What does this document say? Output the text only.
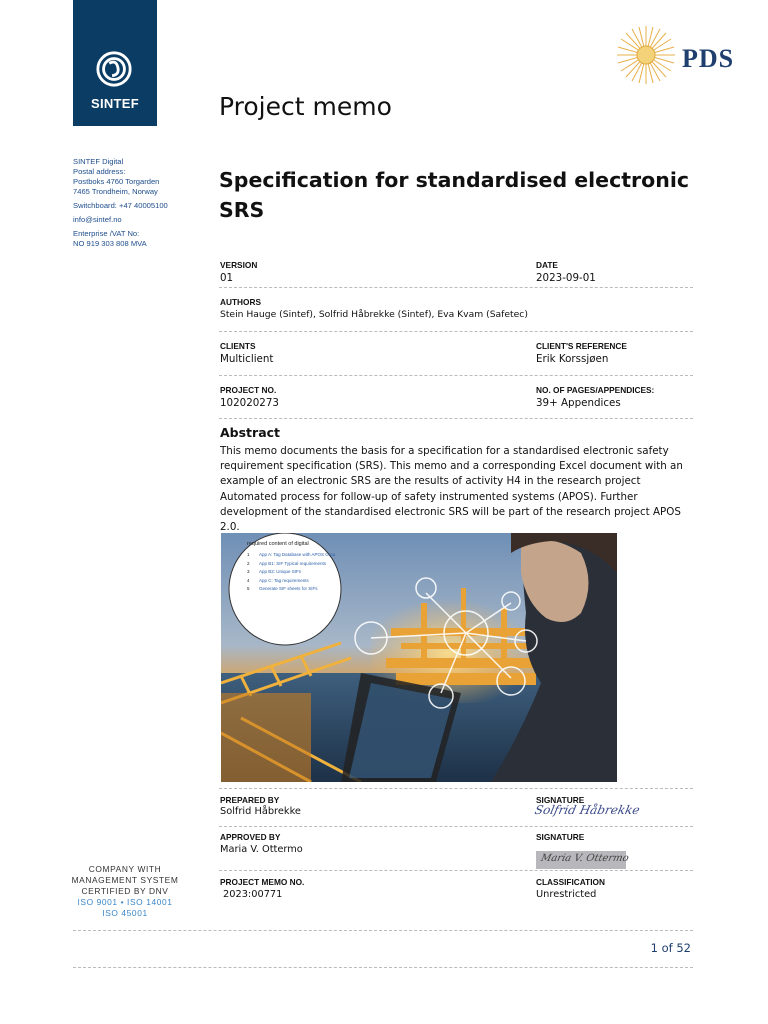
SINTEF
PDS
SINTEF Digital
Postal address:
Postboks 4760 Torgarden
7465 Trondheim, Norway
Switchboard: +47 40005100
info@sintef.no
Enterprise /VAT No:
NO 919 303 808 MVA
Project memo
Specification for standardised electronic SRS
VERSION
01
DATE
2023-09-01
AUTHORS
Stein Hauge (Sintef), Solfrid Håbrekke (Sintef), Eva Kvam (Safetec)
CLIENTS
Multiclient
CLIENT'S REFERENCE
Erik Korssjøen
PROJECT NO.
102020273
NO. OF PAGES/APPENDICES:
39+ Appendices
Abstract
This memo documents the basis for a specification for a standardised electronic safety requirement specification (SRS). This memo and a corresponding Excel document with an example of an electronic SRS are the results of activity H4 in the research project Automated process for follow-up of safety instrumented systems (APOS). Further development of the standardised electronic SRS will be part of the research project APOS 2.0.
required content of digital
1 App A: Tag Database with APOS Grou
2 App B1: SIF Typical requirements
3 App B2: Unique SIFs
4 App C: Tag requirements
5 Generate SIF sheets for SIFs
PREPARED BY
Solfrid Håbrekke
SIGNATURE
Solfrid Håbrekke
APPROVED BY
Maria V. Ottermo
SIGNATURE
Maria V. Ottermo
PROJECT MEMO NO.
2023:00771
CLASSIFICATION
Unrestricted
1 of 52
COMPANY WITH
MANAGEMENT SYSTEM
CERTIFIED BY DNV
ISO 9001 • ISO 14001
ISO 45001
